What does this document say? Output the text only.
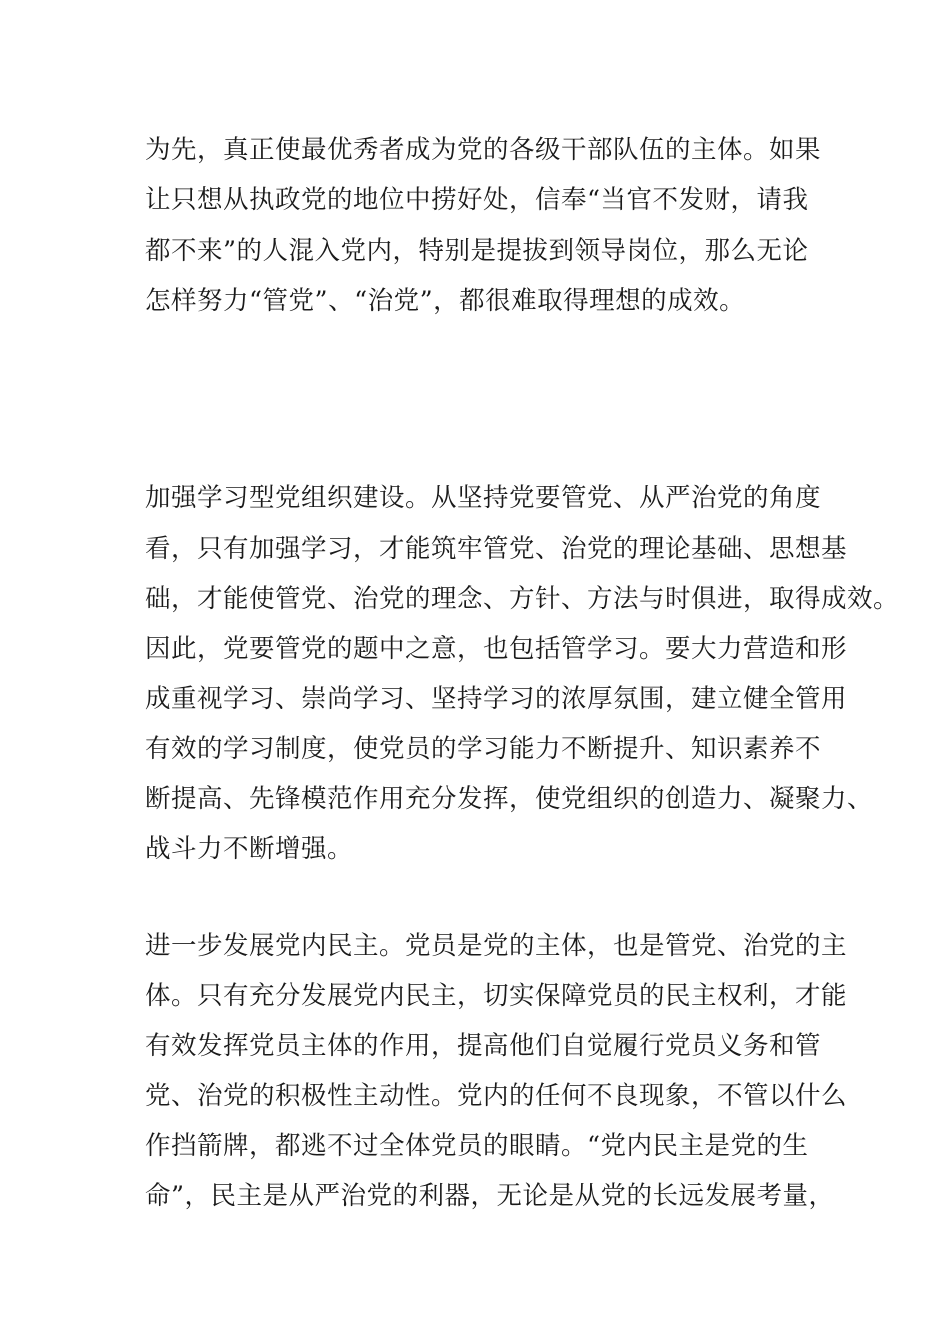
为先，真正使最优秀者成为党的各级干部队伍的主体。如果
让只想从执政党的地位中捞好处，信奉“当官不发财，请我
都不来”的人混入党内，特别是提拔到领导岗位，那么无论
怎样努力“管党”、“治党”，都很难取得理想的成效。
加强学习型党组织建设。从坚持党要管党、从严治党的角度
看，只有加强学习，才能筑牢管党、治党的理论基础、思想基
础，才能使管党、治党的理念、方针、方法与时俱进，取得成效。
因此，党要管党的题中之意，也包括管学习。要大力营造和形
成重视学习、崇尚学习、坚持学习的浓厚氛围，建立健全管用
有效的学习制度，使党员的学习能力不断提升、知识素养不
断提高、先锋模范作用充分发挥，使党组织的创造力、凝聚力、
战斗力不断增强。
进一步发展党内民主。党员是党的主体，也是管党、治党的主
体。只有充分发展党内民主，切实保障党员的民主权利，才能
有效发挥党员主体的作用，提高他们自觉履行党员义务和管
党、治党的积极性主动性。党内的任何不良现象，不管以什么
作挡箭牌，都逃不过全体党员的眼睛。“党内民主是党的生
命”，民主是从严治党的利器，无论是从党的长远发展考量，
